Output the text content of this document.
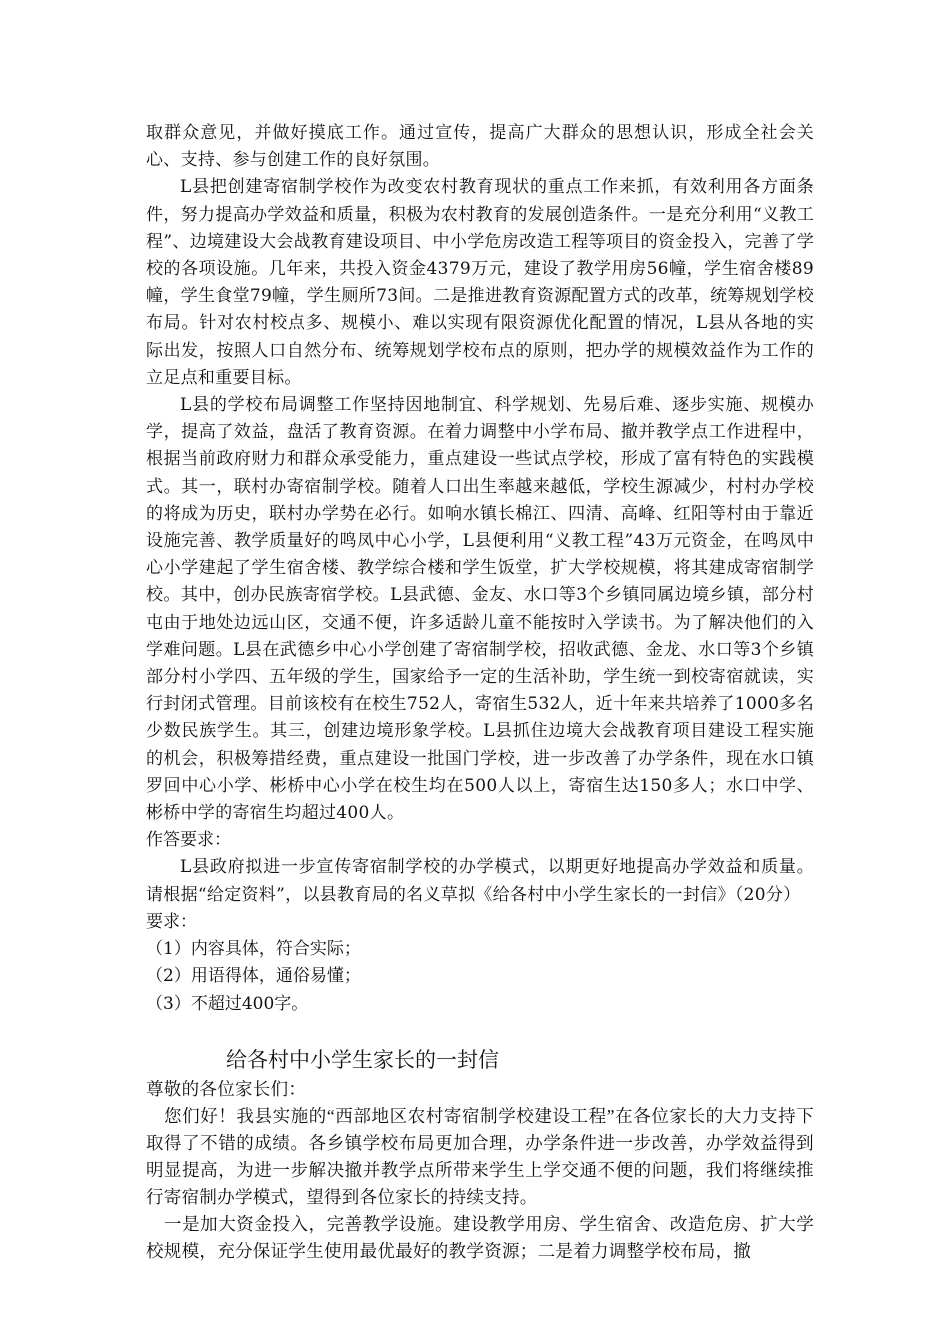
取群众意见，并做好摸底工作。通过宣传，提高广大群众的思想认识，形成全社会关心、支持、参与创建工作的良好氛围。

L县把创建寄宿制学校作为改变农村教育现状的重点工作来抓，有效利用各方面条件，努力提高办学效益和质量，积极为农村教育的发展创造条件。一是充分利用“义教工程”、边境建设大会战教育建设项目、中小学危房改造工程等项目的资金投入，完善了学校的各项设施。几年来，共投入资金4379万元，建设了教学用房56幢，学生宿舍楼89幢，学生食堂79幢，学生厕所73间。二是推进教育资源配置方式的改革，统筹规划学校布局。针对农村校点多、规模小、难以实现有限资源优化配置的情况，L县从各地的实际出发，按照人口自然分布、统筹规划学校布点的原则，把办学的规模效益作为工作的立足点和重要目标。

L县的学校布局调整工作坚持因地制宜、科学规划、先易后难、逐步实施、规模办学，提高了效益，盘活了教育资源。在着力调整中小学布局、撤并教学点工作进程中，根据当前政府财力和群众承受能力，重点建设一些试点学校，形成了富有特色的实践模式。其一，联村办寄宿制学校。随着人口出生率越来越低，学校生源减少，村村办学校的将成为历史，联村办学势在必行。如响水镇长棉江、四清、高峰、红阳等村由于靠近设施完善、教学质量好的鸣凤中心小学，L县便利用“义教工程”43万元资金，在鸣凤中心小学建起了学生宿舍楼、教学综合楼和学生饭堂，扩大学校规模，将其建成寄宿制学校。其中，创办民族寄宿学校。L县武德、金友、水口等3个乡镇同属边境乡镇，部分村屯由于地处边远山区，交通不便，许多适龄儿童不能按时入学读书。为了解决他们的入学难问题。L县在武德乡中心小学创建了寄宿制学校，招收武德、金龙、水口等3个乡镇部分村小学四、五年级的学生，国家给予一定的生活补助，学生统一到校寄宿就读，实行封闭式管理。目前该校有在校生752人，寄宿生532人，近十年来共培养了1000多名少数民族学生。其三，创建边境形象学校。L县抓住边境大会战教育项目建设工程实施的机会，积极筹措经费，重点建设一批国门学校，进一步改善了办学条件，现在水口镇罗回中心小学、彬桥中心小学在校生均在500人以上，寄宿生达150多人；水口中学、彬桥中学的寄宿生均超过400人。

作答要求：

L县政府拟进一步宣传寄宿制学校的办学模式，以期更好地提高办学效益和质量。请根据“给定资料”，以县教育局的名义草拟《给各村中小学生家长的一封信》（20分）

要求：

（1）内容具体，符合实际；

（2）用语得体，通俗易懂；

（3）不超过400字。

给各村中小学生家长的一封信

尊敬的各位家长们：

您们好！我县实施的“西部地区农村寄宿制学校建设工程”在各位家长的大力支持下取得了不错的成绩。各乡镇学校布局更加合理，办学条件进一步改善，办学效益得到明显提高，为进一步解决撤并教学点所带来学生上学交通不便的问题，我们将继续推行寄宿制办学模式，望得到各位家长的持续支持。

一是加大资金投入，完善教学设施。建设教学用房、学生宿舍、改造危房、扩大学校规模，充分保证学生使用最优最好的教学资源；二是着力调整学校布局，撤
